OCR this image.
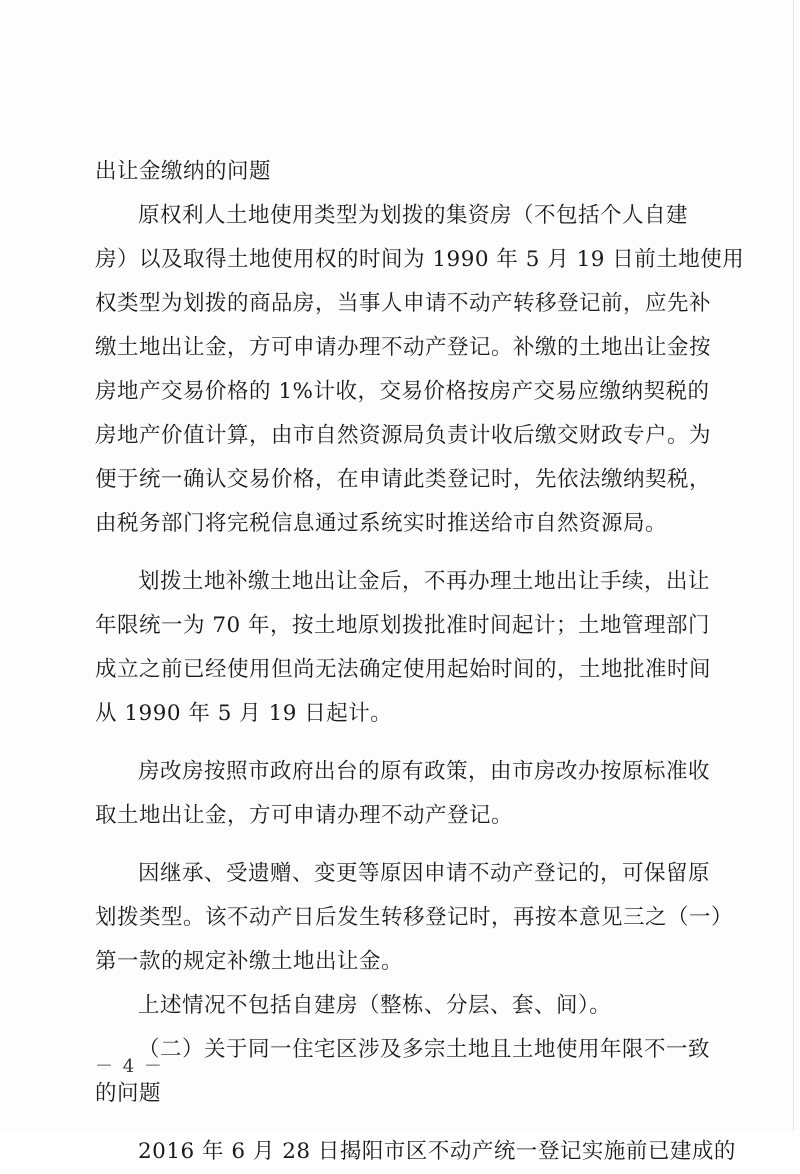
出让金缴纳的问题
原权利人土地使用类型为划拨的集资房（不包括个人自建
房）以及取得土地使用权的时间为 1990 年 5 月 19 日前土地使用
权类型为划拨的商品房，当事人申请不动产转移登记前，应先补
缴土地出让金，方可申请办理不动产登记。补缴的土地出让金按
房地产交易价格的 1%计收，交易价格按房产交易应缴纳契税的
房地产价值计算，由市自然资源局负责计收后缴交财政专户。为
便于统一确认交易价格，在申请此类登记时，先依法缴纳契税，
由税务部门将完税信息通过系统实时推送给市自然资源局。
划拨土地补缴土地出让金后，不再办理土地出让手续，出让
年限统一为 70 年，按土地原划拨批准时间起计；土地管理部门
成立之前已经使用但尚无法确定使用起始时间的，土地批准时间
从 1990 年 5 月 19 日起计。
房改房按照市政府出台的原有政策，由市房改办按原标准收
取土地出让金，方可申请办理不动产登记。
因继承、受遗赠、变更等原因申请不动产登记的，可保留原
划拨类型。该不动产日后发生转移登记时，再按本意见三之（一）
第一款的规定补缴土地出让金。
上述情况不包括自建房（整栋、分层、套、间）。
（二）关于同一住宅区涉及多宗土地且土地使用年限不一致
的问题
2016 年 6 月 28 日揭阳市区不动产统一登记实施前已建成的
－ 4 －
